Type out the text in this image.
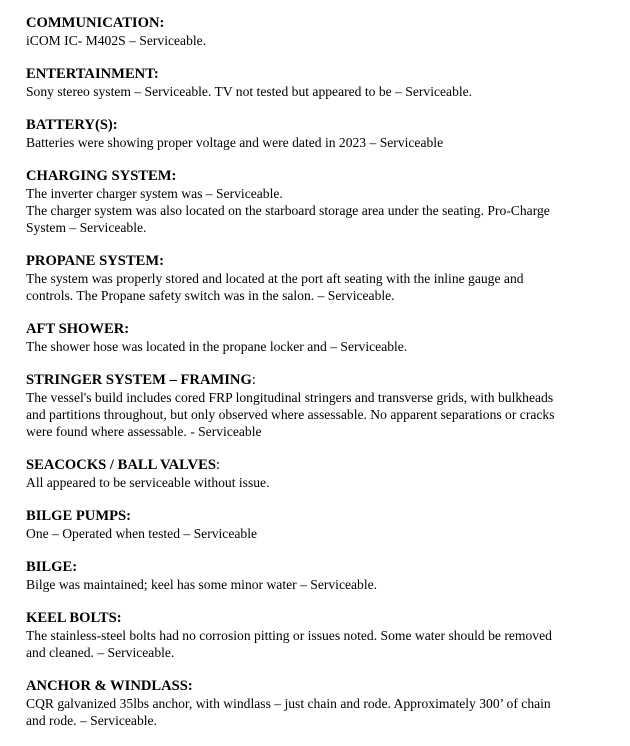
COMMUNICATION:

iCOM IC- M402S – Serviceable.

ENTERTAINMENT:

Sony stereo system – Serviceable. TV not tested but appeared to be – Serviceable.

BATTERY(S):

Batteries were showing proper voltage and were dated in 2023 – Serviceable

CHARGING SYSTEM:

The inverter charger system was – Serviceable.

The charger system was also located on the starboard storage area under the seating. Pro-Charge

System – Serviceable.

PROPANE SYSTEM:

The system was properly stored and located at the port aft seating with the inline gauge and

controls. The Propane safety switch was in the salon. – Serviceable.

AFT SHOWER:

The shower hose was located in the propane locker and – Serviceable.

STRINGER SYSTEM – FRAMING:

The vessel's build includes cored FRP longitudinal stringers and transverse grids, with bulkheads

and partitions throughout, but only observed where assessable. No apparent separations or cracks

were found where assessable. - Serviceable

SEACOCKS / BALL VALVES:

All appeared to be serviceable without issue.

BILGE PUMPS:

One – Operated when tested – Serviceable

BILGE:

Bilge was maintained; keel has some minor water – Serviceable.

KEEL BOLTS:

The stainless-steel bolts had no corrosion pitting or issues noted. Some water should be removed

and cleaned. – Serviceable.

ANCHOR & WINDLASS:

CQR galvanized 35lbs anchor, with windlass – just chain and rode. Approximately 300’ of chain

and rode. – Serviceable.
